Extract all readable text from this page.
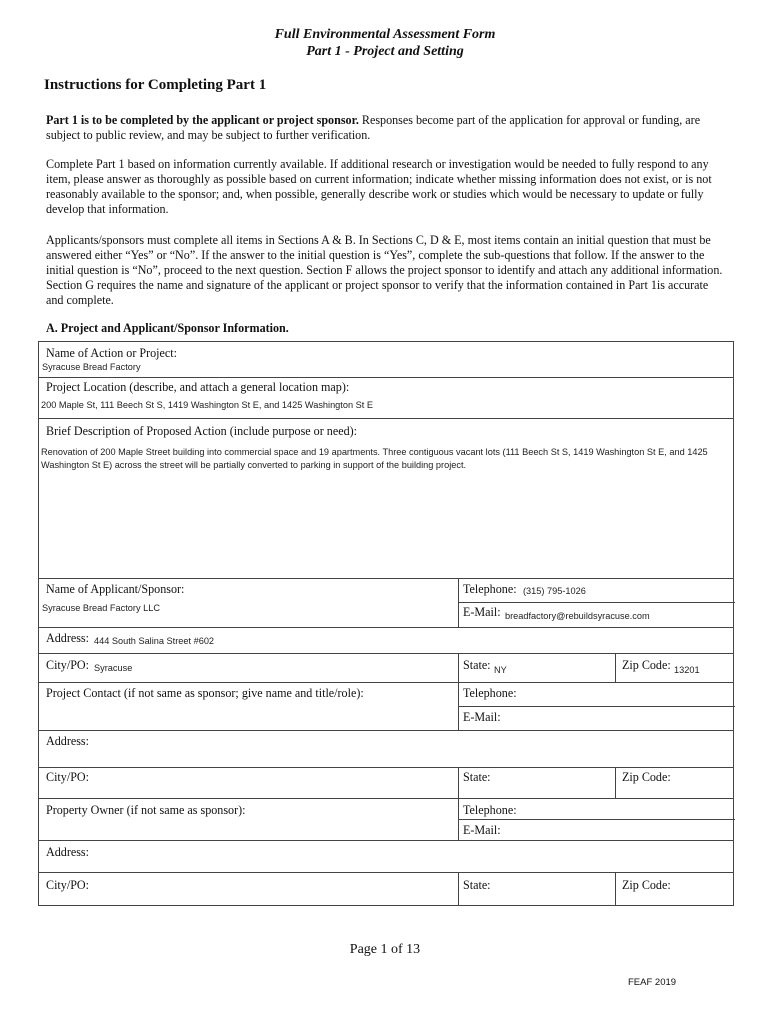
Full Environmental Assessment Form
Part 1 - Project and Setting
Instructions for Completing Part 1

Part 1 is to be completed by the applicant or project sponsor. Responses become part of the application for approval or funding, are subject to public review, and may be subject to further verification.

Complete Part 1 based on information currently available. If additional research or investigation would be needed to fully respond to any item, please answer as thoroughly as possible based on current information; indicate whether missing information does not exist, or is not reasonably available to the sponsor; and, when possible, generally describe work or studies which would be necessary to update or fully develop that information.

Applicants/sponsors must complete all items in Sections A & B. In Sections C, D & E, most items contain an initial question that must be answered either “Yes” or “No”. If the answer to the initial question is “Yes”, complete the sub-questions that follow. If the answer to the initial question is “No”, proceed to the next question. Section F allows the project sponsor to identify and attach any additional information. Section G requires the name and signature of the applicant or project sponsor to verify that the information contained in Part 1is accurate and complete.

A. Project and Applicant/Sponsor Information.
Name of Action or Project:
Syracuse Bread Factory
Project Location (describe, and attach a general location map):
200 Maple St, 111 Beech St S, 1419 Washington St E, and 1425 Washington St E
Brief Description of Proposed Action (include purpose or need):
Renovation of 200 Maple Street building into commercial space and 19 apartments. Three contiguous vacant lots (111 Beech St S, 1419 Washington St E, and 1425 Washington St E) across the street will be partially converted to parking in support of the building project.
Name of Applicant/Sponsor:
Syracuse Bread Factory LLC
Telephone: (315) 795-1026
E-Mail: breadfactory@rebuildsyracuse.com
Address: 444 South Salina Street #602
City/PO: Syracuse	State: NY	Zip Code: 13201
Project Contact (if not same as sponsor; give name and title/role):	Telephone:
E-Mail:
Address:
City/PO:	State:	Zip Code:
Property Owner (if not same as sponsor):	Telephone:
E-Mail:
Address:
City/PO:	State:	Zip Code:
Page 1 of 13
FEAF 2019
